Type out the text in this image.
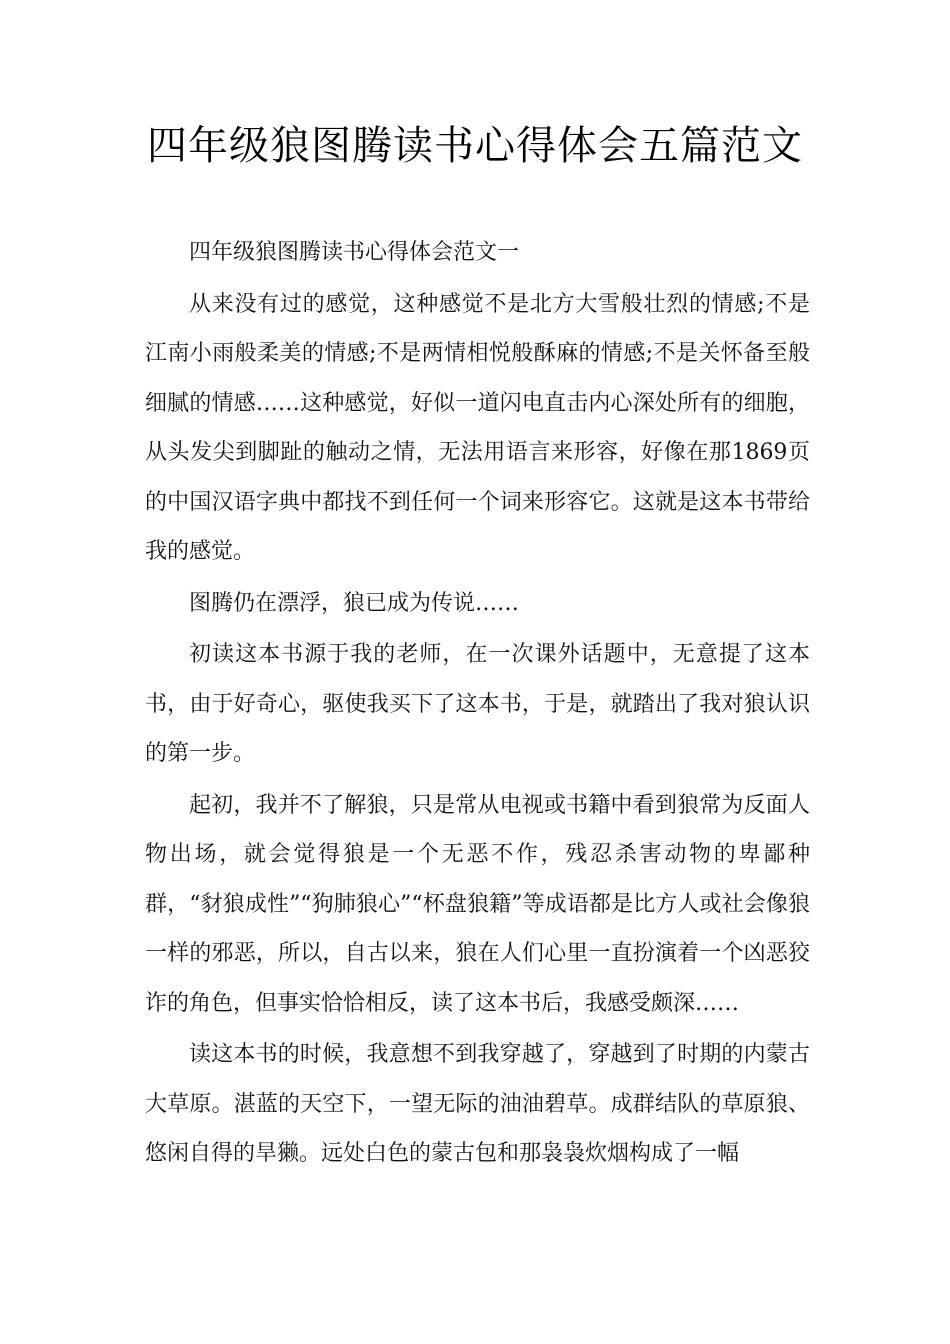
四年级狼图腾读书心得体会五篇范文

四年级狼图腾读书心得体会范文一

从来没有过的感觉，这种感觉不是北方大雪般壮烈的情感;不是江南小雨般柔美的情感;不是两情相悦般酥麻的情感;不是关怀备至般细腻的情感……这种感觉，好似一道闪电直击内心深处所有的细胞，从头发尖到脚趾的触动之情，无法用语言来形容，好像在那1869页的中国汉语字典中都找不到任何一个词来形容它。这就是这本书带给我的感觉。

图腾仍在漂浮，狼已成为传说……

初读这本书源于我的老师，在一次课外话题中，无意提了这本书，由于好奇心，驱使我买下了这本书，于是，就踏出了我对狼认识的第一步。

起初，我并不了解狼，只是常从电视或书籍中看到狼常为反面人物出场，就会觉得狼是一个无恶不作，残忍杀害动物的卑鄙种群，“豺狼成性”“狗肺狼心”“杯盘狼籍”等成语都是比方人或社会像狼一样的邪恶，所以，自古以来，狼在人们心里一直扮演着一个凶恶狡诈的角色，但事实恰恰相反，读了这本书后，我感受颇深……

读这本书的时候，我意想不到我穿越了，穿越到了时期的内蒙古大草原。湛蓝的天空下，一望无际的油油碧草。成群结队的草原狼、悠闲自得的旱獭。远处白色的蒙古包和那袅袅炊烟构成了一幅
